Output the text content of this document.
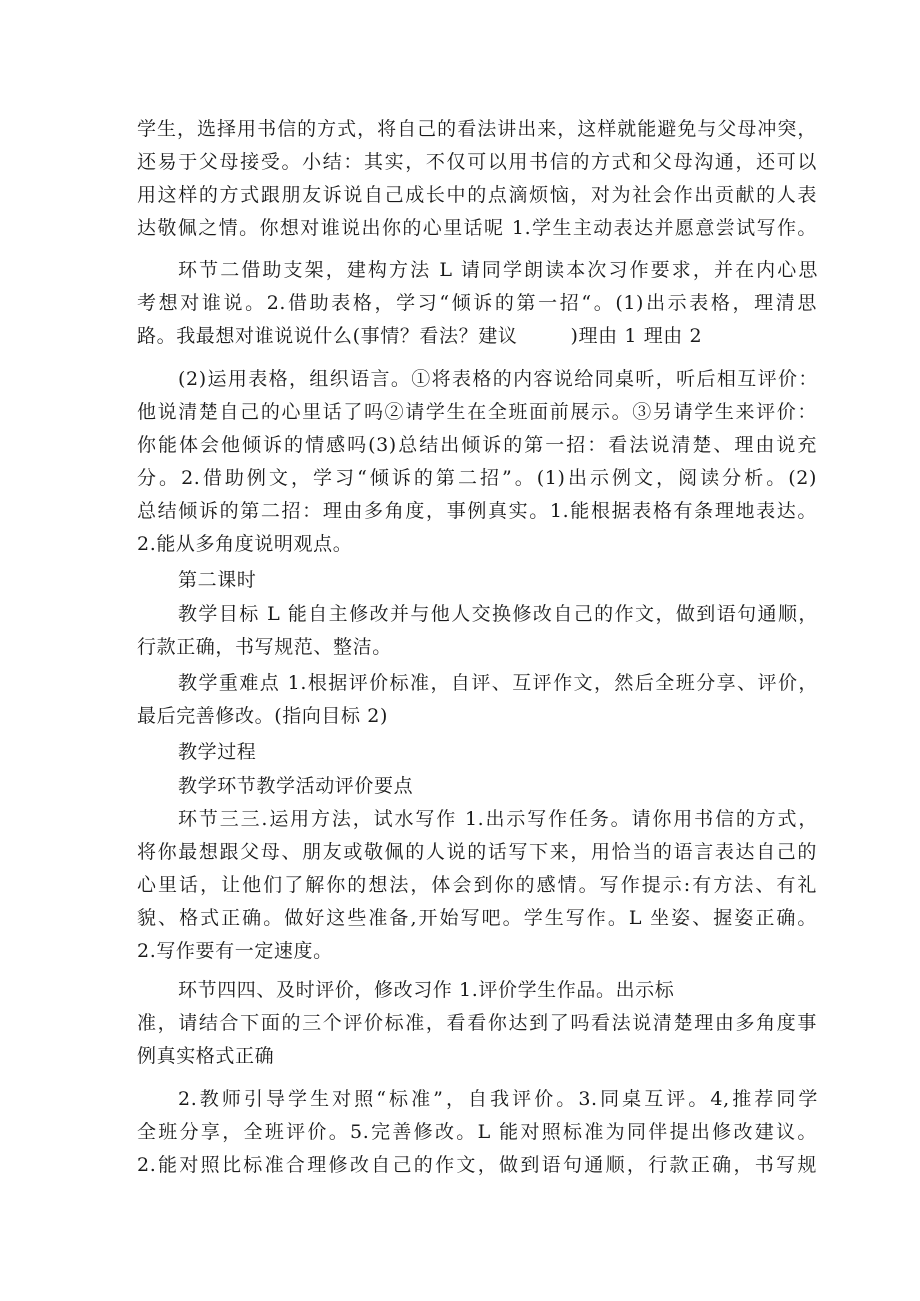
学生，选择用书信的方式，将自己的看法讲出来，这样就能避免与父母冲突，
还易于父母接受。小结：其实，不仅可以用书信的方式和父母沟通，还可以
用这样的方式跟朋友诉说自己成长中的点滴烦恼，对为社会作出贡献的人表
达敬佩之情。你想对谁说出你的心里话呢 1.学生主动表达并愿意尝试写作。
环节二借助支架，建构方法 L 请同学朗读本次习作要求，并在内心思
考想对谁说。2.借助表格，学习“倾诉的第一招“。(1)出示表格，理清思
路。我最想对谁说说什么(事情？看法？建议        )理由 1 理由 2
(2)运用表格，组织语言。①将表格的内容说给同桌听，听后相互评价：
他说清楚自己的心里话了吗②请学生在全班面前展示。③另请学生来评价：
你能体会他倾诉的情感吗(3)总结出倾诉的第一招：看法说清楚、理由说充
分。2.借助例文，学习“倾诉的第二招”。(1)出示例文，阅读分析。(2)
总结倾诉的第二招：理由多角度，事例真实。1.能根据表格有条理地表达。
2.能从多角度说明观点。
第二课时
教学目标 L 能自主修改并与他人交换修改自己的作文，做到语句通顺，
行款正确，书写规范、整洁。
教学重难点 1.根据评价标准，自评、互评作文，然后全班分享、评价，
最后完善修改。(指向目标 2)
教学过程
教学环节教学活动评价要点
环节三三.运用方法，试水写作 1.出示写作任务。请你用书信的方式，
将你最想跟父母、朋友或敬佩的人说的话写下来，用恰当的语言表达自己的
心里话，让他们了解你的想法，体会到你的感情。写作提示:有方法、有礼
貌、格式正确。做好这些准备,开始写吧。学生写作。L 坐姿、握姿正确。
2.写作要有一定速度。
环节四四、及时评价，修改习作 1.评价学生作品。出示标
准，请结合下面的三个评价标准，看看你达到了吗看法说清楚理由多角度事
例真实格式正确
2.教师引导学生对照“标准”，自我评价。3.同桌互评。4,推荐同学
全班分享，全班评价。5.完善修改。L 能对照标准为同伴提出修改建议。
2.能对照比标准合理修改自己的作文，做到语句通顺，行款正确，书写规
